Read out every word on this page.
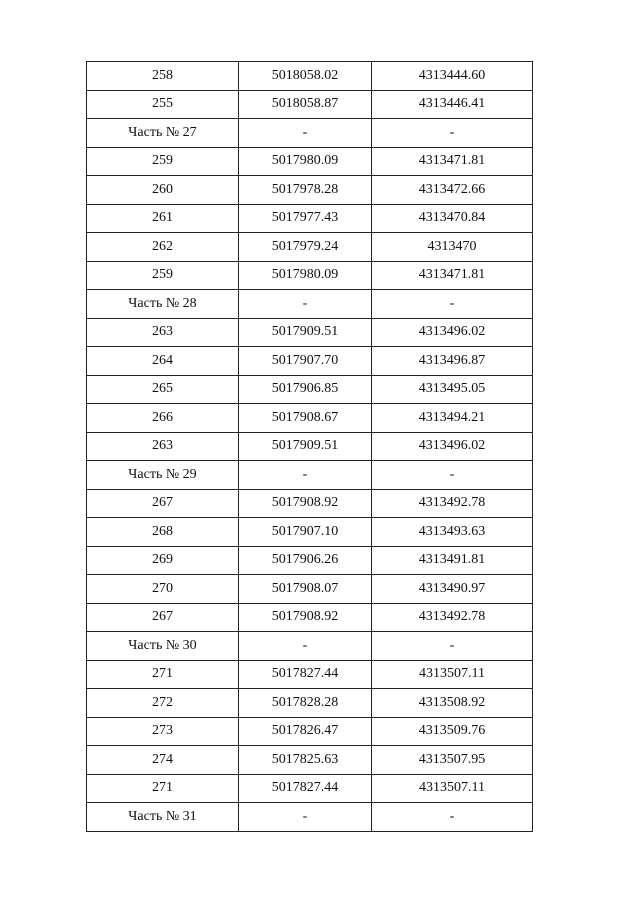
258	5018058.02	4313444.60
255	5018058.87	4313446.41
Часть № 27	-	-
259	5017980.09	4313471.81
260	5017978.28	4313472.66
261	5017977.43	4313470.84
262	5017979.24	4313470
259	5017980.09	4313471.81
Часть № 28	-	-
263	5017909.51	4313496.02
264	5017907.70	4313496.87
265	5017906.85	4313495.05
266	5017908.67	4313494.21
263	5017909.51	4313496.02
Часть № 29	-	-
267	5017908.92	4313492.78
268	5017907.10	4313493.63
269	5017906.26	4313491.81
270	5017908.07	4313490.97
267	5017908.92	4313492.78
Часть № 30	-	-
271	5017827.44	4313507.11
272	5017828.28	4313508.92
273	5017826.47	4313509.76
274	5017825.63	4313507.95
271	5017827.44	4313507.11
Часть № 31	-	-
